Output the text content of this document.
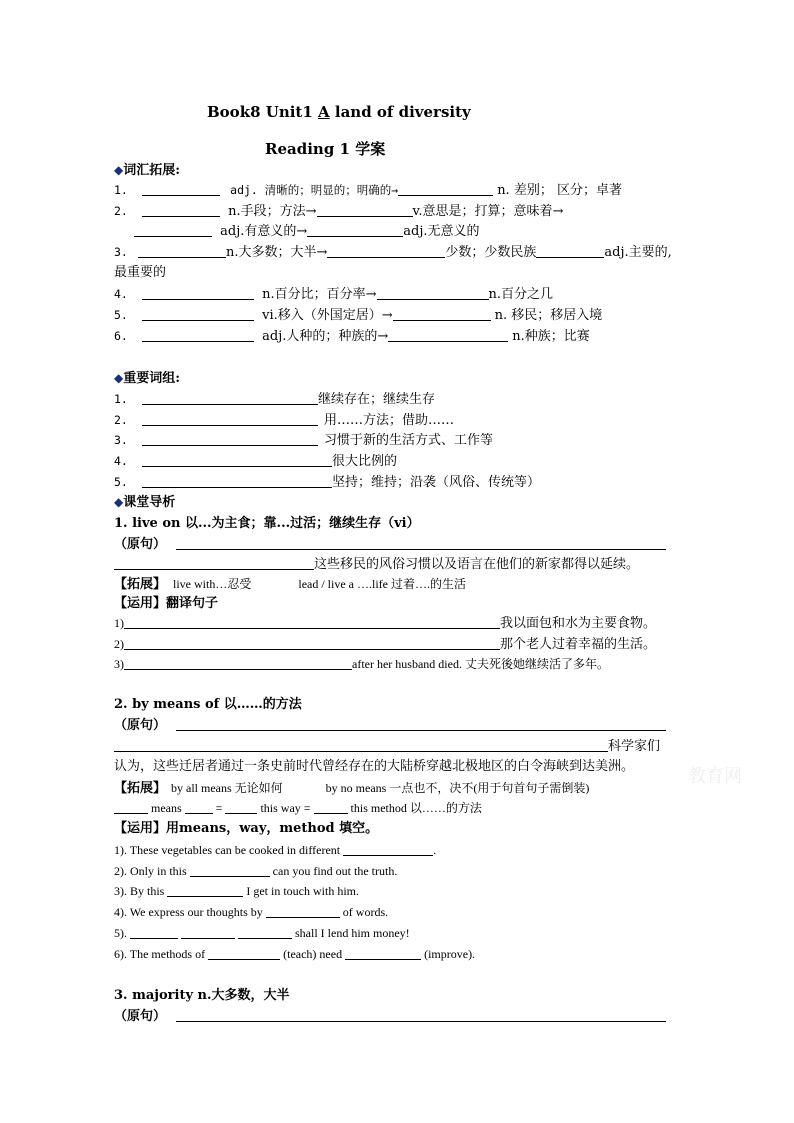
Book8 Unit1 A land of diversity
Reading 1 学案
◆词汇拓展:
1.	adj. 清晰的；明显的；明确的→	n. 差别； 区分；卓著
2.	n.手段；方法→	v.意思是；打算；意味着→
adj.有意义的→	adj.无意义的
3.	n.大多数；大半→	少数；少数民族	adj.主要的,
最重要的
4.	n.百分比；百分率→	n.百分之几
5.	vi.移入（外国定居）→	n. 移民；移居入境
6.	adj.人种的；种族的→	n.种族；比赛
◆重要词组:
1.	继续存在；继续生存
2.	用……方法；借助……
3.	习惯于新的生活方式、工作等
4.	很大比例的
5.	坚持；维持；沿袭（风俗、传统等）
◆课堂导析
1. live on 以...为主食；靠...过活；继续生存（vi）
（原句）
这些移民的风俗习惯以及语言在他们的新家都得以延续。
【拓展】 live with…忍受	lead / live a ….life 过着….的生活
【运用】翻译句子
1)	我以面包和水为主要食物。
2)	那个老人过着幸福的生活。
3)	after her husband died. 丈夫死後她继续活了多年。
2. by means of 以……的方法
（原句）
科学家们
认为，这些迁居者通过一条史前时代曾经存在的大陆桥穿越北极地区的白令海峡到达美洲。
【拓展】 by all means 无论如何	by no means 一点也不，决不(用于句首句子需倒装)
means	=	this way =	this method 以……的方法
【运用】用means，way，method 填空。
1). These vegetables can be cooked in different	.
2). Only in this	can you find out the truth.
3). By this	I get in touch with him.
4). We express our thoughts by	of words.
5).	shall I lend him money!
6). The methods of	(teach) need	(improve).
3. majority n.大多数，大半
（原句）
教育网
